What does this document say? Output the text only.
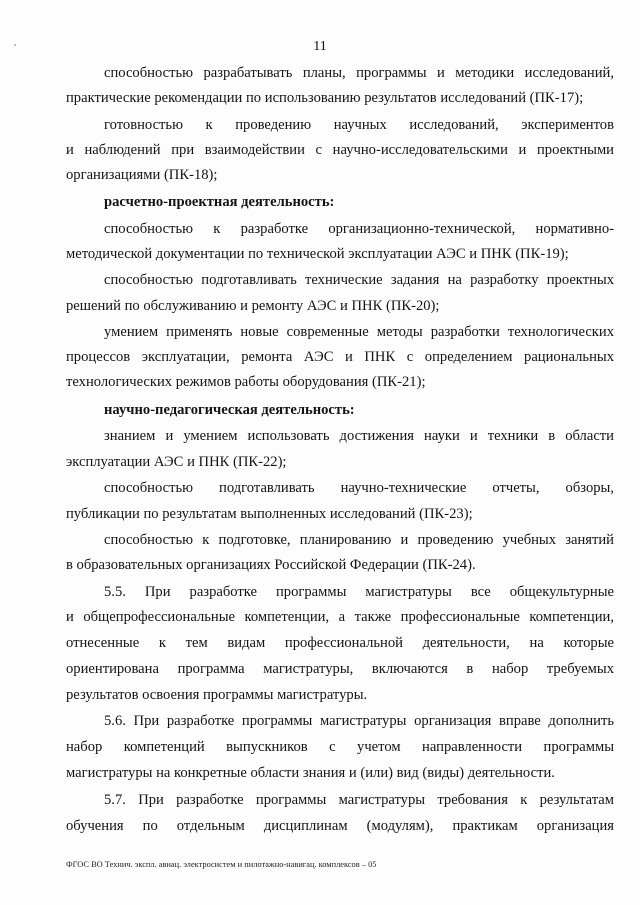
11
способностью разрабатывать планы, программы и методики исследований,
практические рекомендации по использованию результатов исследований (ПК-17);
готовностью к проведению научных исследований, экспериментов
и наблюдений при взаимодействии с научно-исследовательскими и проектными
организациями (ПК-18);
расчетно-проектная деятельность:
способностью к разработке организационно-технической, нормативно-
методической документации по технической эксплуатации АЭС и ПНК (ПК-19);
способностью подготавливать технические задания на разработку проектных
решений по обслуживанию и ремонту АЭС и ПНК (ПК-20);
умением применять новые современные методы разработки технологических
процессов эксплуатации, ремонта АЭС и ПНК с определением рациональных
технологических режимов работы оборудования (ПК-21);
научно-педагогическая деятельность:
знанием и умением использовать достижения науки и техники в области
эксплуатации АЭС и ПНК (ПК-22);
способностью подготавливать научно-технические отчеты, обзоры,
публикации по результатам выполненных исследований (ПК-23);
способностью к подготовке, планированию и проведению учебных занятий
в образовательных организациях Российской Федерации (ПК-24).
5.5. При разработке программы магистратуры все общекультурные
и общепрофессиональные компетенции, а также профессиональные компетенции,
отнесенные к тем видам профессиональной деятельности, на которые
ориентирована программа магистратуры, включаются в набор требуемых
результатов освоения программы магистратуры.
5.6. При разработке программы магистратуры организация вправе дополнить
набор компетенций выпускников с учетом направленности программы
магистратуры на конкретные области знания и (или) вид (виды) деятельности.
5.7. При разработке программы магистратуры требования к результатам
обучения по отдельным дисциплинам (модулям), практикам организация
ФГОС ВО Технич. экспл. авиац. электросистем и пилотажно-навигац. комплексов – 05
